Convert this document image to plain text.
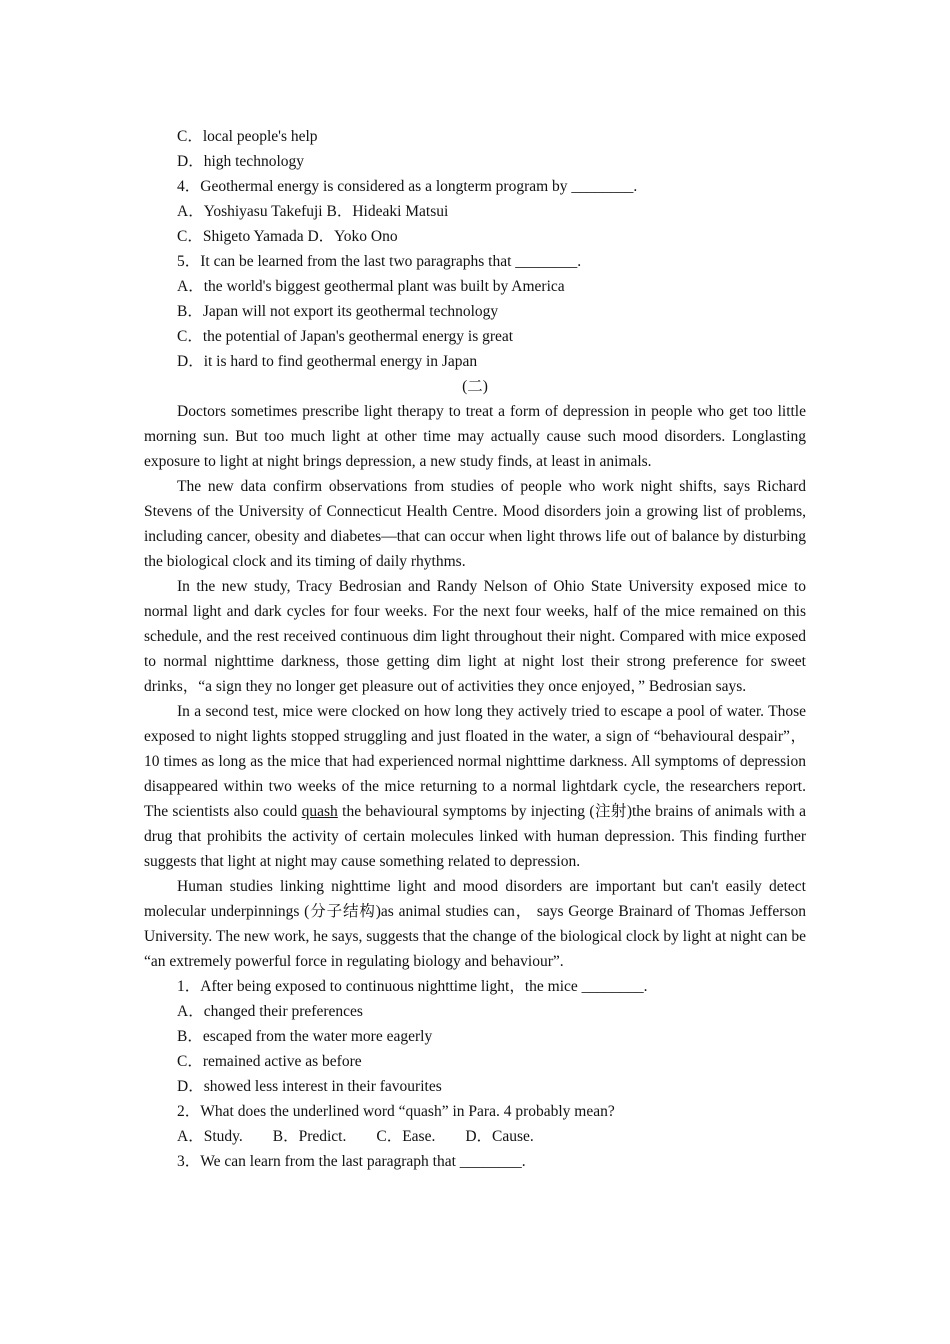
C．local people's help

D．high technology

4．Geothermal energy is considered as a longterm program by ________.

A．Yoshiyasu Takefuji B．Hideaki Matsui

C．Shigeto Yamada D．Yoko Ono

5．It can be learned from the last two paragraphs that ________.

A．the world's biggest geothermal plant was built by America

B．Japan will not export its geothermal technology

C．the potential of Japan's geothermal energy is great

D．it is hard to find geothermal energy in Japan

(二)

Doctors sometimes prescribe light therapy to treat a form of depression in people who get too little morning sun. But too much light at other time may actually cause such mood disorders. Longlasting exposure to light at night brings depression, a new study finds, at least in animals.

The new data confirm observations from studies of people who work night shifts, says Richard Stevens of the University of Connecticut Health Centre. Mood disorders join a growing list of problems, including cancer, obesity and diabetes—that can occur when light throws life out of balance by disturbing the biological clock and its timing of daily rhythms.

In the new study, Tracy Bedrosian and Randy Nelson of Ohio State University exposed mice to normal light and dark cycles for four weeks. For the next four weeks, half of the mice remained on this schedule, and the rest received continuous dim light throughout their night. Compared with mice exposed to normal nighttime darkness, those getting dim light at night lost their strong preference for sweet drinks，“a sign they no longer get pleasure out of activities they once enjoyed，” Bedrosian says.

In a second test, mice were clocked on how long they actively tried to escape a pool of water. Those exposed to night lights stopped struggling and just floated in the water, a sign of “behavioural despair”， 10 times as long as the mice that had experienced normal nighttime darkness. All symptoms of depression disappeared within two weeks of the mice returning to a normal lightdark cycle, the researchers report. The scientists also could quash the behavioural symptoms by injecting (注射)the brains of animals with a drug that prohibits the activity of certain molecules linked with human depression. This finding further suggests that light at night may cause something related to depression.

Human studies linking nighttime light and mood disorders are important but can't easily detect molecular underpinnings (分子结构)as animal studies can， says George Brainard of Thomas Jefferson University. The new work, he says, suggests that the change of the biological clock by light at night can be “an extremely powerful force in regulating biology and behaviour”.

1．After being exposed to continuous nighttime light，the mice ________.

A．changed their preferences

B．escaped from the water more eagerly

C．remained active as before

D．showed less interest in their favourites

2．What does the underlined word “quash” in Para. 4 probably mean?

A．Study. B．Predict. C．Ease. D．Cause.

3．We can learn from the last paragraph that ________.
